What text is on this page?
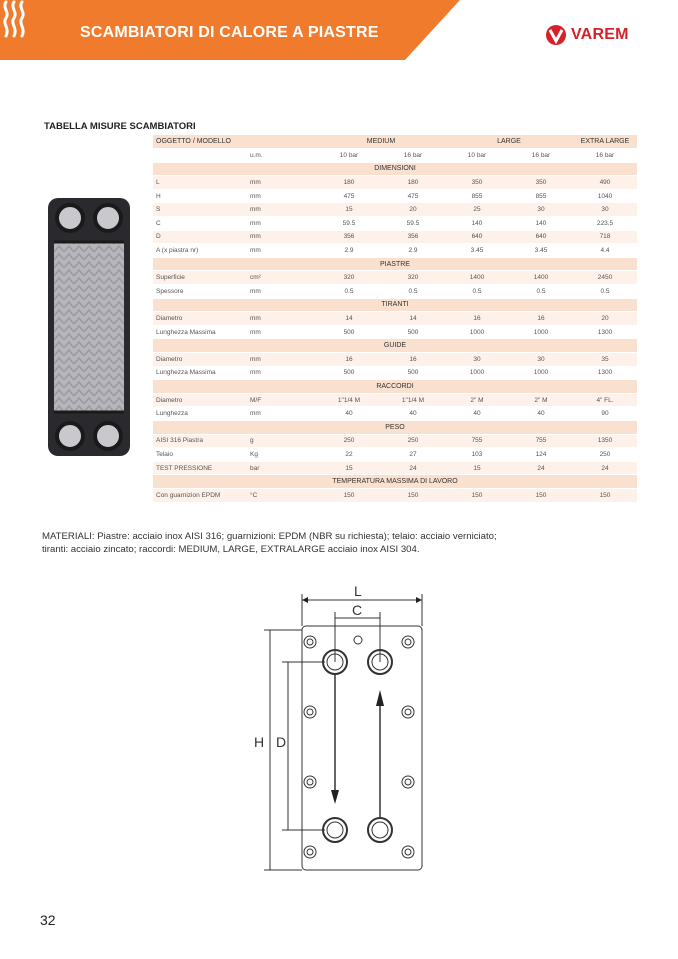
SCAMBIATORI DI CALORE A PIASTRE	VAREM
TABELLA MISURE SCAMBIATORI
OGGETTO / MODELLO		MEDIUM		LARGE		EXTRA LARGE
	u.m.	10 bar	16 bar	10 bar	16 bar	16 bar
DIMENSIONI						
L	mm	180	180	350	350	490
H	mm	475	475	855	855	1040
S	mm	15	20	25	30	30
C	mm	59.5	59.5	140	140	223.5
D	mm	356	356	640	640	718
A (x piastra nr)	mm	2.9	2.9	3.45	3.45	4.4
PIASTRE						
Superficie	cm²	320	320	1400	1400	2450
Spessore	mm	0.5	0.5	0.5	0.5	0.5
TIRANTI						
Diametro	mm	14	14	16	16	20
Lunghezza Massima	mm	500	500	1000	1000	1300
GUIDE						
Diametro	mm	16	16	30	30	35
Lunghezza Massima	mm	500	500	1000	1000	1300
RACCORDI						
Diametro	M/F	1"1/4 M	1"1/4 M	2" M	2" M	4" FL.
Lunghezza	mm	40	40	40	40	90
PESO						
AISI 316 Piastra	g	250	250	755	755	1350
Telaio	Kg	22	27	103	124	250
TEST PRESSIONE	bar	15	24	15	24	24
TEMPERATURA MASSIMA DI LAVORO						
Con guarnizion EPDM	°C	150	150	150	150	150
MATERIALI: Piastre: acciaio inox AISI 316; guarnizioni: EPDM (NBR su richiesta); telaio: acciaio verniciato; tiranti: acciaio zincato; raccordi: MEDIUM, LARGE, EXTRALARGE acciaio inox AISI 304.
L
C
H D
32
